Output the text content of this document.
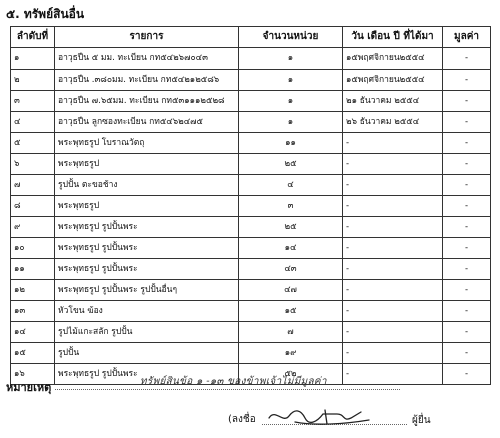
๕. ทรัพย์สินอื่น
ลำดับที่	รายการ	จำนวนหน่วย	วัน เดือน ปี ที่ได้มา	มูลค่า
๑	อาวุธปืน ๕ มม. ทะเบียน กท๕๔๒๖๗๐๔๓	๑	๑๕พฤศจิกายน๒๕๕๔	-
๒	อาวุธปืน .๓๘๐มม. ทะเบียน กท๕๔๒๑๒๕๘๖	๑	๑๕พฤศจิกายน๒๕๕๔	-
๓	อาวุธปืน ๗.๖๕มม. ทะเบียน กท๕๓๑๑๑๒๕๒๘	๑	๒๑ ธันวาคม ๒๕๕๔	-
๔	อาวุธปืน ลูกซองทะเบียน กท๕๔๖๒๔๗๕	๑	๒๖ ธันวาคม ๒๕๕๔	-
๕	พระพุทธรูป โบราณวัตถุ	๑๑	-	-
๖	พระพุทธรูป	๒๕	-	-
๗	รูปปั้น ตะขอช้าง	๔	-	-
๘	พระพุทธรูป	๓	-	-
๙	พระพุทธรูป รูปปั้นพระ	๒๕	-	-
๑๐	พระพุทธรูป รูปปั้นพระ	๑๔	-	-
๑๑	พระพุทธรูป รูปปั้นพระ	๔๓	-	-
๑๒	พระพุทธรูป รูปปั้นพระ รูปปั้นอื่นๆ	๔๗	-	-
๑๓	หัวโขน ฆ้อง	๑๕	-	-
๑๔	รูปไม้แกะสลัก รูปปั้น	๗	-	-
๑๕	รูปปั้น	๑๙	-	-
๑๖	พระพุทธรูป รูปปั้นพระ	๕๒	-	-
หมายเหตุ	ทรัพย์สินข้อ ๑ -๑๓ ของข้าพเจ้าไม่มีมูลค่า
(ลงชื่อ	ผู้ยื่น
